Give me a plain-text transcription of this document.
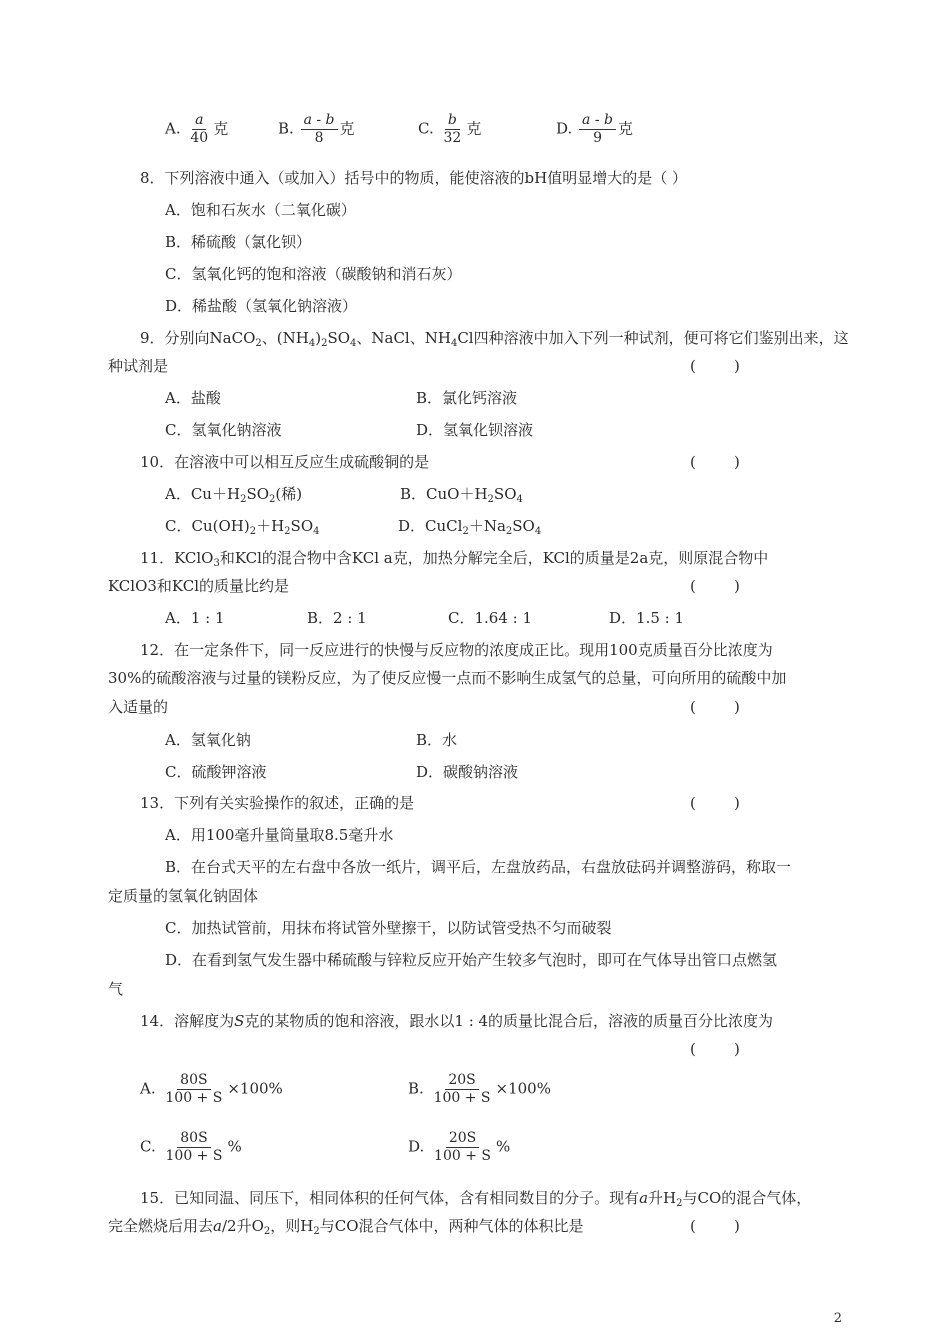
A. $\frac{a}{40}$ 克	B. $\frac{a - b}{8}$ 克	C. $\frac{b}{32}$ 克	D. $\frac{a - b}{9}$ 克
8．下列溶液中通入（或加入）括号中的物质，能使溶液的bH值明显增大的是（ ）
A．饱和石灰水（二氧化碳）
B．稀硫酸（氯化钡）
C．氢氧化钙的饱和溶液（碳酸钠和消石灰）
D．稀盐酸（氢氧化钠溶液）
9．分别向NaCO$_2$、$(NH_4)_2SO_4$、NaCl、$NH_4Cl$四种溶液中加入下列一种试剂，便可将它们鉴别出来，这
种试剂是	(        )
A．盐酸	B．氯化钙溶液
C．氢氧化钠溶液	D．氢氧化钡溶液
10．在溶液中可以相互反应生成硫酸铜的是	(        )
A．$Cu+H_2SO_2$(稀)	B．$CuO+H_2SO_4$
C．$Cu(OH)_2+H_2SO_4$	D．$CuCl_2+Na_2SO_4$
11．KClO$_3$和KCl的混合物中含KCl a克，加热分解完全后，KCl的质量是2a克，则原混合物中
KClO3和KCl的质量比约是	(        )
A．1 : 1	B．2 : 1	C．1.64 : 1	D．1.5 : 1
12．在一定条件下，同一反应进行的快慢与反应物的浓度成正比。现用100克质量百分比浓度为
30%的硫酸溶液与过量的镁粉反应，为了使反应慢一点而不影响生成氢气的总量，可向所用的硫酸中加
入适量的	(        )
A．氢氧化钠	B．水
C．硫酸钾溶液	D．碳酸钠溶液
13．下列有关实验操作的叙述，正确的是	(        )
A．用100毫升量筒量取8.5毫升水
B．在台式天平的左右盘中各放一纸片，调平后，左盘放药品，右盘放砝码并调整游码，称取一
定质量的氢氧化钠固体
C．加热试管前，用抹布将试管外壁擦干，以防试管受热不匀而破裂
D．在看到氢气发生器中稀硫酸与锌粒反应开始产生较多气泡时，即可在气体导出管口点燃氢
气
14．溶解度为S克的某物质的饱和溶液，跟水以1 : 4的质量比混合后，溶液的质量百分比浓度为
(        )
A. $\frac{80S}{100 + S} \times 100\%$	B. $\frac{20S}{100 + S} \times 100\%$
C. $\frac{80S}{100 + S}$ %	D. $\frac{20S}{100 + S}$ %
15．已知同温、同压下，相同体积的任何气体，含有相同数目的分子。现有a升$H_2$与CO的混合气体，
完全燃烧后用去a/2升$O_2$，则$H_2$与CO混合气体中，两种气体的体积比是	(        )
2
